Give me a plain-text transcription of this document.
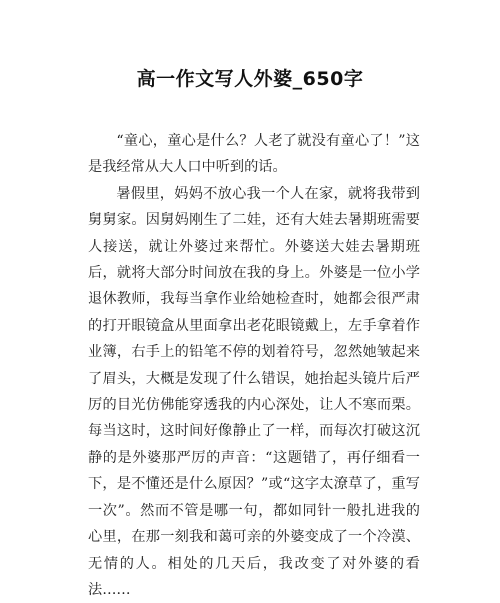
高一作文写人外婆_650字

“童心，童心是什么？人老了就没有童心了！”这是我经常从大人口中听到的话。

暑假里，妈妈不放心我一个人在家，就将我带到舅舅家。因舅妈刚生了二娃，还有大娃去暑期班需要人接送，就让外婆过来帮忙。外婆送大娃去暑期班后，就将大部分时间放在我的身上。外婆是一位小学退休教师，我每当拿作业给她检查时，她都会很严肃的打开眼镜盒从里面拿出老花眼镜戴上，左手拿着作业簿，右手上的铅笔不停的划着符号，忽然她皱起来了眉头，大概是发现了什么错误，她抬起头镜片后严厉的目光仿佛能穿透我的内心深处，让人不寒而栗。每当这时，这时间好像静止了一样，而每次打破这沉静的是外婆那严厉的声音：“这题错了，再仔细看一下，是不懂还是什么原因？”或“这字太潦草了，重写一次”。然而不管是哪一句，都如同针一般扎进我的心里，在那一刻我和蔼可亲的外婆变成了一个冷漠、无情的人。相处的几天后，我改变了对外婆的看法……
